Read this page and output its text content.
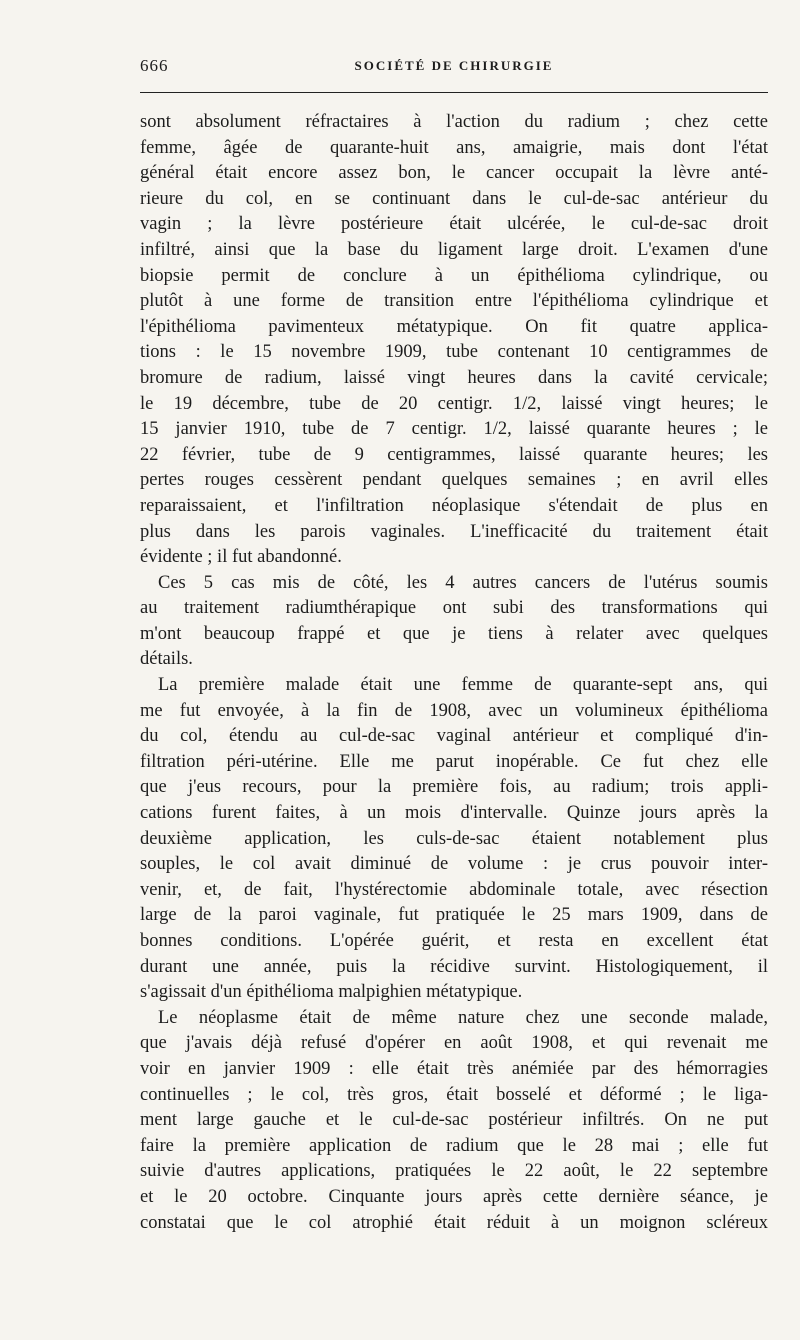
666	SOCIÉTÉ DE CHIRURGIE
sont absolument réfractaires à l'action du radium ; chez cette
femme, âgée de quarante-huit ans, amaigrie, mais dont l'état
général était encore assez bon, le cancer occupait la lèvre anté-
rieure du col, en se continuant dans le cul-de-sac antérieur du
vagin ; la lèvre postérieure était ulcérée, le cul-de-sac droit
infiltré, ainsi que la base du ligament large droit. L'examen d'une
biopsie permit de conclure à un épithélioma cylindrique, ou
plutôt à une forme de transition entre l'épithélioma cylindrique et
l'épithélioma pavimenteux métatypique. On fit quatre applica-
tions : le 15 novembre 1909, tube contenant 10 centigrammes de
bromure de radium, laissé vingt heures dans la cavité cervicale;
le 19 décembre, tube de 20 centigr. 1/2, laissé vingt heures; le
15 janvier 1910, tube de 7 centigr. 1/2, laissé quarante heures ; le
22 février, tube de 9 centigrammes, laissé quarante heures; les
pertes rouges cessèrent pendant quelques semaines ; en avril elles
reparaissaient, et l'infiltration néoplasique s'étendait de plus en
plus dans les parois vaginales. L'inefficacité du traitement était
évidente ; il fut abandonné.
Ces 5 cas mis de côté, les 4 autres cancers de l'utérus soumis
au traitement radiumthérapique ont subi des transformations qui
m'ont beaucoup frappé et que je tiens à relater avec quelques
détails.
La première malade était une femme de quarante-sept ans, qui
me fut envoyée, à la fin de 1908, avec un volumineux épithélioma
du col, étendu au cul-de-sac vaginal antérieur et compliqué d'in-
filtration péri-utérine. Elle me parut inopérable. Ce fut chez elle
que j'eus recours, pour la première fois, au radium; trois appli-
cations furent faites, à un mois d'intervalle. Quinze jours après la
deuxième application, les culs-de-sac étaient notablement plus
souples, le col avait diminué de volume : je crus pouvoir inter-
venir, et, de fait, l'hystérectomie abdominale totale, avec résection
large de la paroi vaginale, fut pratiquée le 25 mars 1909, dans de
bonnes conditions. L'opérée guérit, et resta en excellent état
durant une année, puis la récidive survint. Histologiquement, il
s'agissait d'un épithélioma malpighien métatypique.
Le néoplasme était de même nature chez une seconde malade,
que j'avais déjà refusé d'opérer en août 1908, et qui revenait me
voir en janvier 1909 : elle était très anémiée par des hémorragies
continuelles ; le col, très gros, était bosselé et déformé ; le liga-
ment large gauche et le cul-de-sac postérieur infiltrés. On ne put
faire la première application de radium que le 28 mai ; elle fut
suivie d'autres applications, pratiquées le 22 août, le 22 septembre
et le 20 octobre. Cinquante jours après cette dernière séance, je
constatai que le col atrophié était réduit à un moignon scléreux
